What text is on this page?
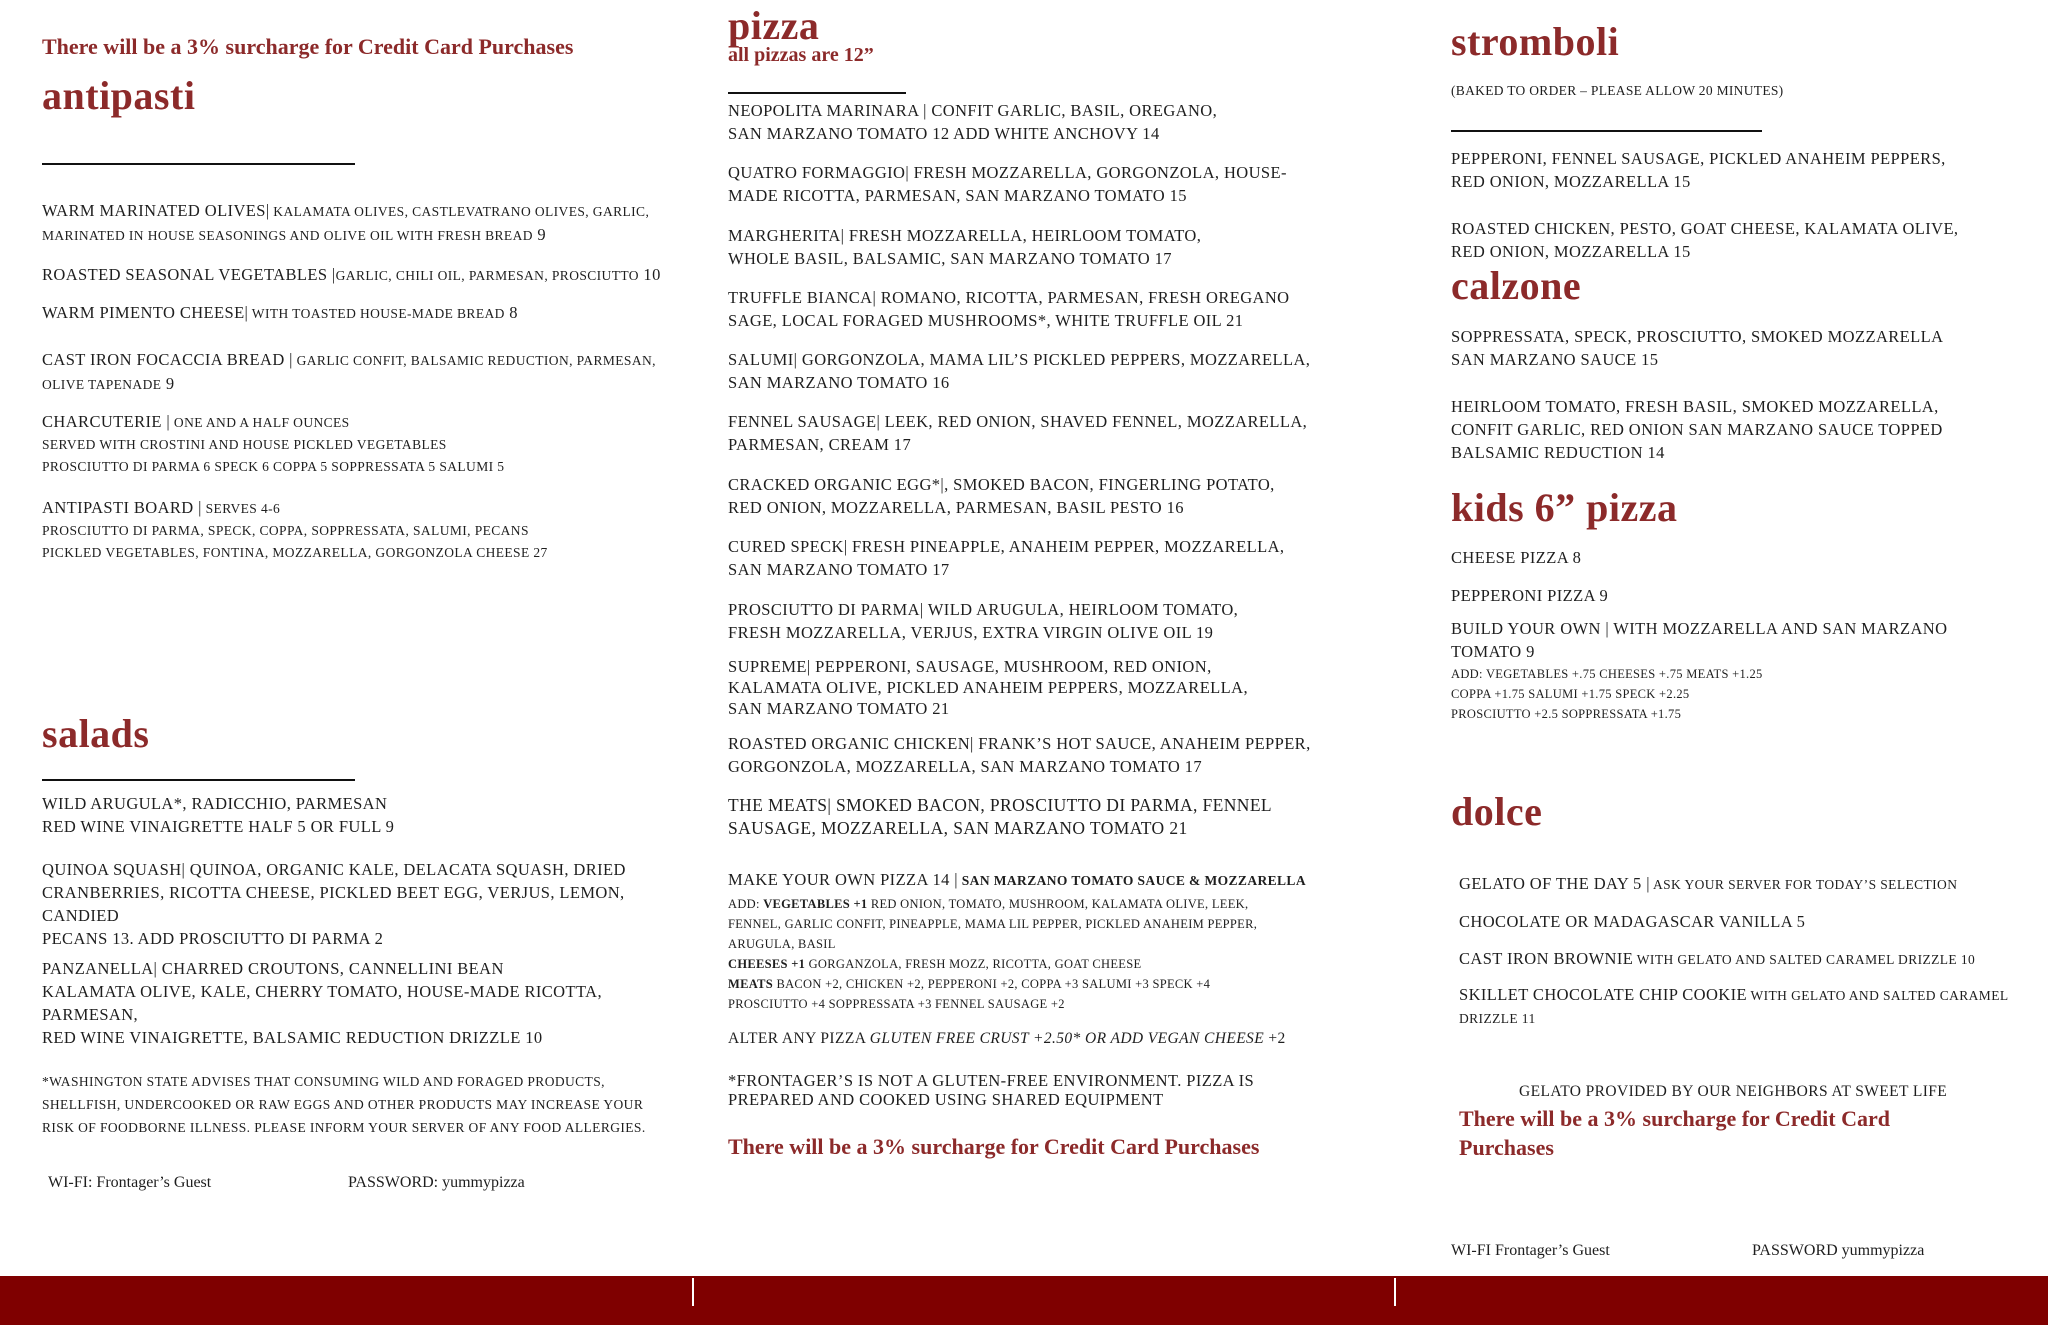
There will be a 3% surcharge for Credit Card Purchases
antipasti
WARM MARINATED OLIVES| KALAMATA OLIVES, CASTLEVATRANO OLIVES, GARLIC,
MARINATED IN HOUSE SEASONINGS AND OLIVE OIL WITH FRESH BREAD 9
ROASTED SEASONAL VEGETABLES |GARLIC, CHILI OIL, PARMESAN, PROSCIUTTO 10
WARM PIMENTO CHEESE| WITH TOASTED HOUSE-MADE BREAD 8
CAST IRON FOCACCIA BREAD | GARLIC CONFIT, BALSAMIC REDUCTION, PARMESAN,
OLIVE TAPENADE 9
CHARCUTERIE | ONE AND A HALF OUNCES
SERVED WITH CROSTINI AND HOUSE PICKLED VEGETABLES
PROSCIUTTO DI PARMA 6 SPECK 6 COPPA 5 SOPPRESSATA 5 SALUMI 5
ANTIPASTI BOARD | SERVES 4-6
PROSCIUTTO DI PARMA, SPECK, COPPA, SOPPRESSATA, SALUMI, PECANS
PICKLED VEGETABLES, FONTINA, MOZZARELLA, GORGONZOLA CHEESE 27
salads
WILD ARUGULA*, RADICCHIO, PARMESAN
RED WINE VINAIGRETTE HALF 5 OR FULL 9
QUINOA SQUASH| QUINOA, ORGANIC KALE, DELACATA SQUASH, DRIED
CRANBERRIES, RICOTTA CHEESE, PICKLED BEET EGG, VERJUS, LEMON, CANDIED
PECANS 13. ADD PROSCIUTTO DI PARMA 2
PANZANELLA| CHARRED CROUTONS, CANNELLINI BEAN
KALAMATA OLIVE, KALE, CHERRY TOMATO, HOUSE-MADE RICOTTA, PARMESAN,
RED WINE VINAIGRETTE, BALSAMIC REDUCTION DRIZZLE 10
*WASHINGTON STATE ADVISES THAT CONSUMING WILD AND FORAGED PRODUCTS,
SHELLFISH, UNDERCOOKED OR RAW EGGS AND OTHER PRODUCTS MAY INCREASE YOUR
RISK OF FOODBORNE ILLNESS. PLEASE INFORM YOUR SERVER OF ANY FOOD ALLERGIES.
WI-FI: Frontager’s Guest	PASSWORD: yummypizza
pizza
all pizzas are 12”
NEOPOLITA MARINARA | CONFIT GARLIC, BASIL, OREGANO,
SAN MARZANO TOMATO 12 ADD WHITE ANCHOVY 14
QUATRO FORMAGGIO| FRESH MOZZARELLA, GORGONZOLA, HOUSE-
MADE RICOTTA, PARMESAN, SAN MARZANO TOMATO 15
MARGHERITA| FRESH MOZZARELLA, HEIRLOOM TOMATO,
WHOLE BASIL, BALSAMIC, SAN MARZANO TOMATO 17
TRUFFLE BIANCA| ROMANO, RICOTTA, PARMESAN, FRESH OREGANO
SAGE, LOCAL FORAGED MUSHROOMS*, WHITE TRUFFLE OIL 21
SALUMI| GORGONZOLA, MAMA LIL’S PICKLED PEPPERS, MOZZARELLA,
SAN MARZANO TOMATO 16
FENNEL SAUSAGE| LEEK, RED ONION, SHAVED FENNEL, MOZZARELLA,
PARMESAN, CREAM 17
CRACKED ORGANIC EGG*|, SMOKED BACON, FINGERLING POTATO,
RED ONION, MOZZARELLA, PARMESAN, BASIL PESTO 16
CURED SPECK| FRESH PINEAPPLE, ANAHEIM PEPPER, MOZZARELLA,
SAN MARZANO TOMATO 17
PROSCIUTTO DI PARMA| WILD ARUGULA, HEIRLOOM TOMATO,
FRESH MOZZARELLA, VERJUS, EXTRA VIRGIN OLIVE OIL 19
SUPREME| PEPPERONI, SAUSAGE, MUSHROOM, RED ONION,
KALAMATA OLIVE, PICKLED ANAHEIM PEPPERS, MOZZARELLA,
SAN MARZANO TOMATO 21
ROASTED ORGANIC CHICKEN| FRANK’S HOT SAUCE, ANAHEIM PEPPER,
GORGONZOLA, MOZZARELLA, SAN MARZANO TOMATO 17
THE MEATS| SMOKED BACON, PROSCIUTTO DI PARMA, FENNEL
SAUSAGE, MOZZARELLA, SAN MARZANO TOMATO 21
MAKE YOUR OWN PIZZA 14 | SAN MARZANO TOMATO SAUCE & MOZZARELLA
ADD: VEGETABLES +1 RED ONION, TOMATO, MUSHROOM, KALAMATA OLIVE, LEEK,
FENNEL, GARLIC CONFIT, PINEAPPLE, MAMA LIL PEPPER, PICKLED ANAHEIM PEPPER,
ARUGULA, BASIL
CHEESES +1 GORGANZOLA, FRESH MOZZ, RICOTTA, GOAT CHEESE
MEATS BACON +2, CHICKEN +2, PEPPERONI +2, COPPA +3 SALUMI +3 SPECK +4
PROSCIUTTO +4 SOPPRESSATA +3 FENNEL SAUSAGE +2
ALTER ANY PIZZA GLUTEN FREE CRUST +2.50* OR ADD VEGAN CHEESE +2
*FRONTAGER’S IS NOT A GLUTEN-FREE ENVIRONMENT. PIZZA IS
PREPARED AND COOKED USING SHARED EQUIPMENT
There will be a 3% surcharge for Credit Card Purchases
stromboli
(BAKED TO ORDER – PLEASE ALLOW 20 MINUTES)
PEPPERONI, FENNEL SAUSAGE, PICKLED ANAHEIM PEPPERS,
RED ONION, MOZZARELLA 15
ROASTED CHICKEN, PESTO, GOAT CHEESE, KALAMATA OLIVE,
RED ONION, MOZZARELLA 15
calzone
SOPPRESSATA, SPECK, PROSCIUTTO, SMOKED MOZZARELLA
SAN MARZANO SAUCE 15
HEIRLOOM TOMATO, FRESH BASIL, SMOKED MOZZARELLA,
CONFIT GARLIC, RED ONION SAN MARZANO SAUCE TOPPED
BALSAMIC REDUCTION 14
kids 6” pizza
CHEESE PIZZA 8
PEPPERONI PIZZA 9
BUILD YOUR OWN | WITH MOZZARELLA AND SAN MARZANO
TOMATO 9
ADD: VEGETABLES +.75 CHEESES +.75 MEATS +1.25
COPPA +1.75 SALUMI +1.75 SPECK +2.25
PROSCIUTTO +2.5 SOPPRESSATA +1.75
dolce
GELATO OF THE DAY 5 | ASK YOUR SERVER FOR TODAY’S SELECTION
CHOCOLATE OR MADAGASCAR VANILLA 5
CAST IRON BROWNIE WITH GELATO AND SALTED CARAMEL DRIZZLE 10
SKILLET CHOCOLATE CHIP COOKIE WITH GELATO AND SALTED CARAMEL
DRIZZLE 11
GELATO PROVIDED BY OUR NEIGHBORS AT SWEET LIFE
There will be a 3% surcharge for Credit Card Purchases
WI-FI Frontager’s Guest	PASSWORD yummypizza
